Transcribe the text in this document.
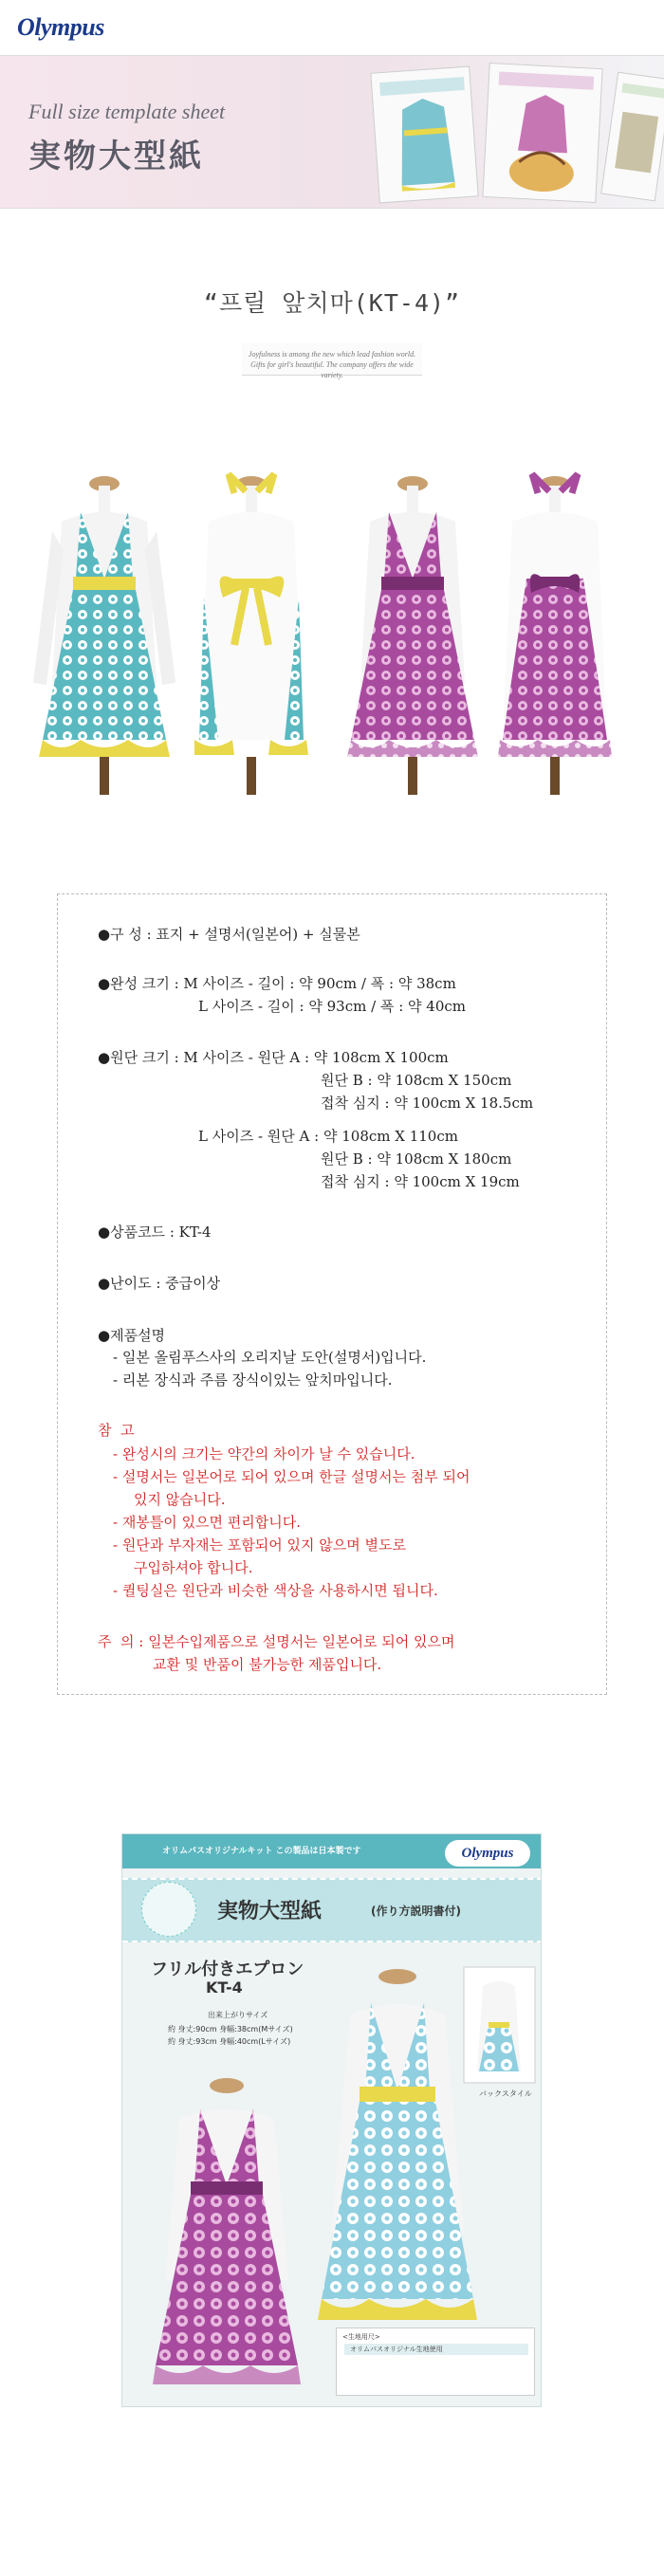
Olympus
Full size template sheet
実物大型紙
“프릴 앞치마(KT-4)”
Joyfulness is among the new which lead fashion world. Gifts for girl's beautiful. The company offers the wide variety.
●구 성 : 표지 + 설명서(일본어) + 실물본
●완성 크기 : M 사이즈 - 길이 : 약 90cm / 폭 : 약 38cm
L 사이즈 - 길이 : 약 93cm / 폭 : 약 40cm
●원단 크기 : M 사이즈 - 원단 A : 약 108cm X 100cm
원단 B : 약 108cm X 150cm
접착 심지 : 약 100cm X 18.5cm
L 사이즈 - 원단 A : 약 108cm X 110cm
원단 B : 약 108cm X 180cm
접착 심지 : 약 100cm X 19cm
●상품코드 : KT-4
●난이도 : 중급이상
●제품설명
- 일본 올림푸스사의 오리지날 도안(설명서)입니다.
- 리본 장식과 주름 장식이있는 앞치마입니다.
참  고
- 완성시의 크기는 약간의 차이가 날 수 있습니다.
- 설명서는 일본어로 되어 있으며 한글 설명서는 첨부 되어
있지 않습니다.
- 재봉틀이 있으면 편리합니다.
- 원단과 부자재는 포함되어 있지 않으며 별도로
구입하셔야 합니다.
- 퀼팅실은 원단과 비슷한 색상을 사용하시면 됩니다.
주  의 : 일본수입제품으로 설명서는 일본어로 되어 있으며
교환 및 반품이 불가능한 제품입니다.
オリムパスオリジナルキット この製品は日本製です	Olympus
実物大型紙	(作り方説明書付)
フリル付きエプロン
KT-4
出来上がりサイズ
約 身丈:90cm 身幅:38cm(Mサイズ)
約 身丈:93cm 身幅:40cm(Lサイズ)
バックスタイル
<生地用尺>
オリムパスオリジナル生地使用
